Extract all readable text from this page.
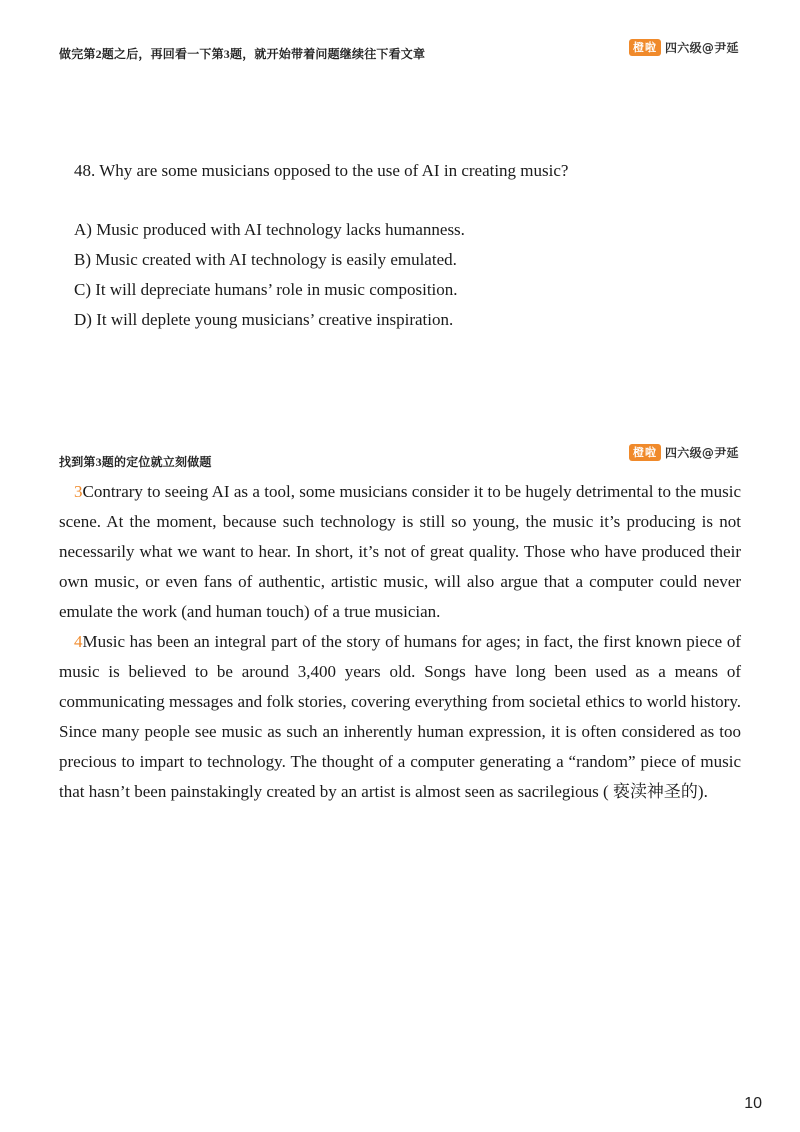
做完第2题之后，再回看一下第3题，就开始带着问题继续往下看文章	橙啦 四六级@尹延
48. Why are some musicians opposed to the use of AI in creating music?
A) Music produced with AI technology lacks humanness.
B) Music created with AI technology is easily emulated.
C) It will depreciate humans’ role in music composition.
D) It will deplete young musicians’ creative inspiration.
找到第3题的定位就立刻做题
橙啦 四六级@尹延

3Contrary to seeing AI as a tool, some musicians consider it to be hugely detrimental to the music scene. At the moment, because such technology is still so young, the music it’s producing is not necessarily what we want to hear. In short, it’s not of great quality. Those who have produced their own music, or even fans of authentic, artistic music, will also argue that a computer could never emulate the work (and human touch) of a true musician.

4Music has been an integral part of the story of humans for ages; in fact, the first known piece of music is believed to be around 3,400 years old. Songs have long been used as a means of communicating messages and folk stories, covering everything from societal ethics to world history. Since many people see music as such an inherently human expression, it is often considered as too precious to impart to technology. The thought of a computer generating a “random” piece of music that hasn’t been painstakingly created by an artist is almost seen as sacrilegious ( 亵渎神圣的).

10
